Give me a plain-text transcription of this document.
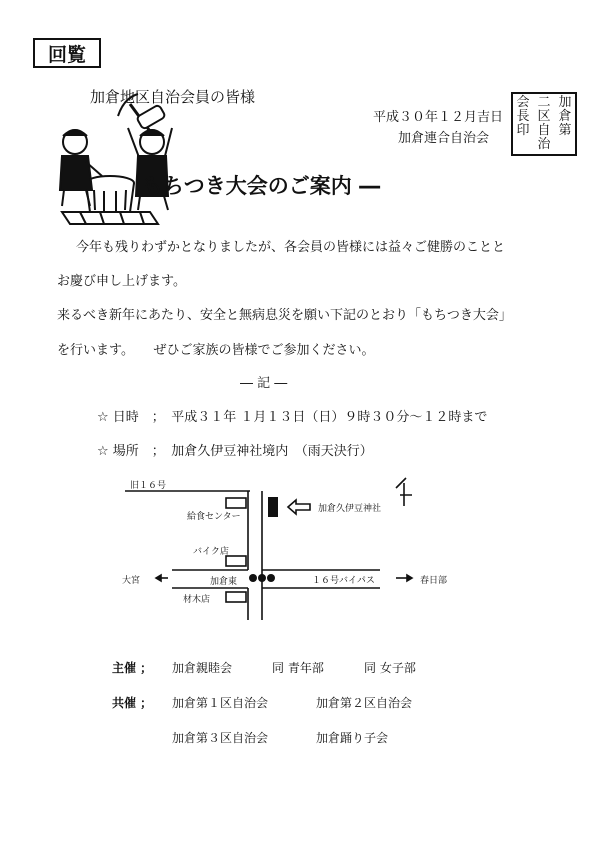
回覧
加倉地区自治会員の皆様
平成３０年１２月吉日
加倉連合自治会
加倉第
二区自治
会長印
もちつき大会のご案内 ―
今年も残りわずかとなりましたが、各会員の皆様には益々ご健勝のことと
お慶び申し上げます。
来るべき新年にあたり、安全と無病息災を願い下記のとおり「もちつき大会」
を行います。　　ぜひご家族の皆様でご参加ください。
― 記 ―
☆ 日時　；　平成３１年 １月１３日（日）９時３０分～１２時まで
☆ 場所　；　加倉久伊豆神社境内　（雨天決行）
旧１６号
給食センター
加倉久伊豆神社
バイク店
大宮	加倉東	１６号バイパス	春日部
材木店
主催 ； 加倉親睦会	同 青年部	同 女子部
共催 ； 加倉第１区自治会	加倉第２区自治会
加倉第３区自治会	加倉踊り子会
